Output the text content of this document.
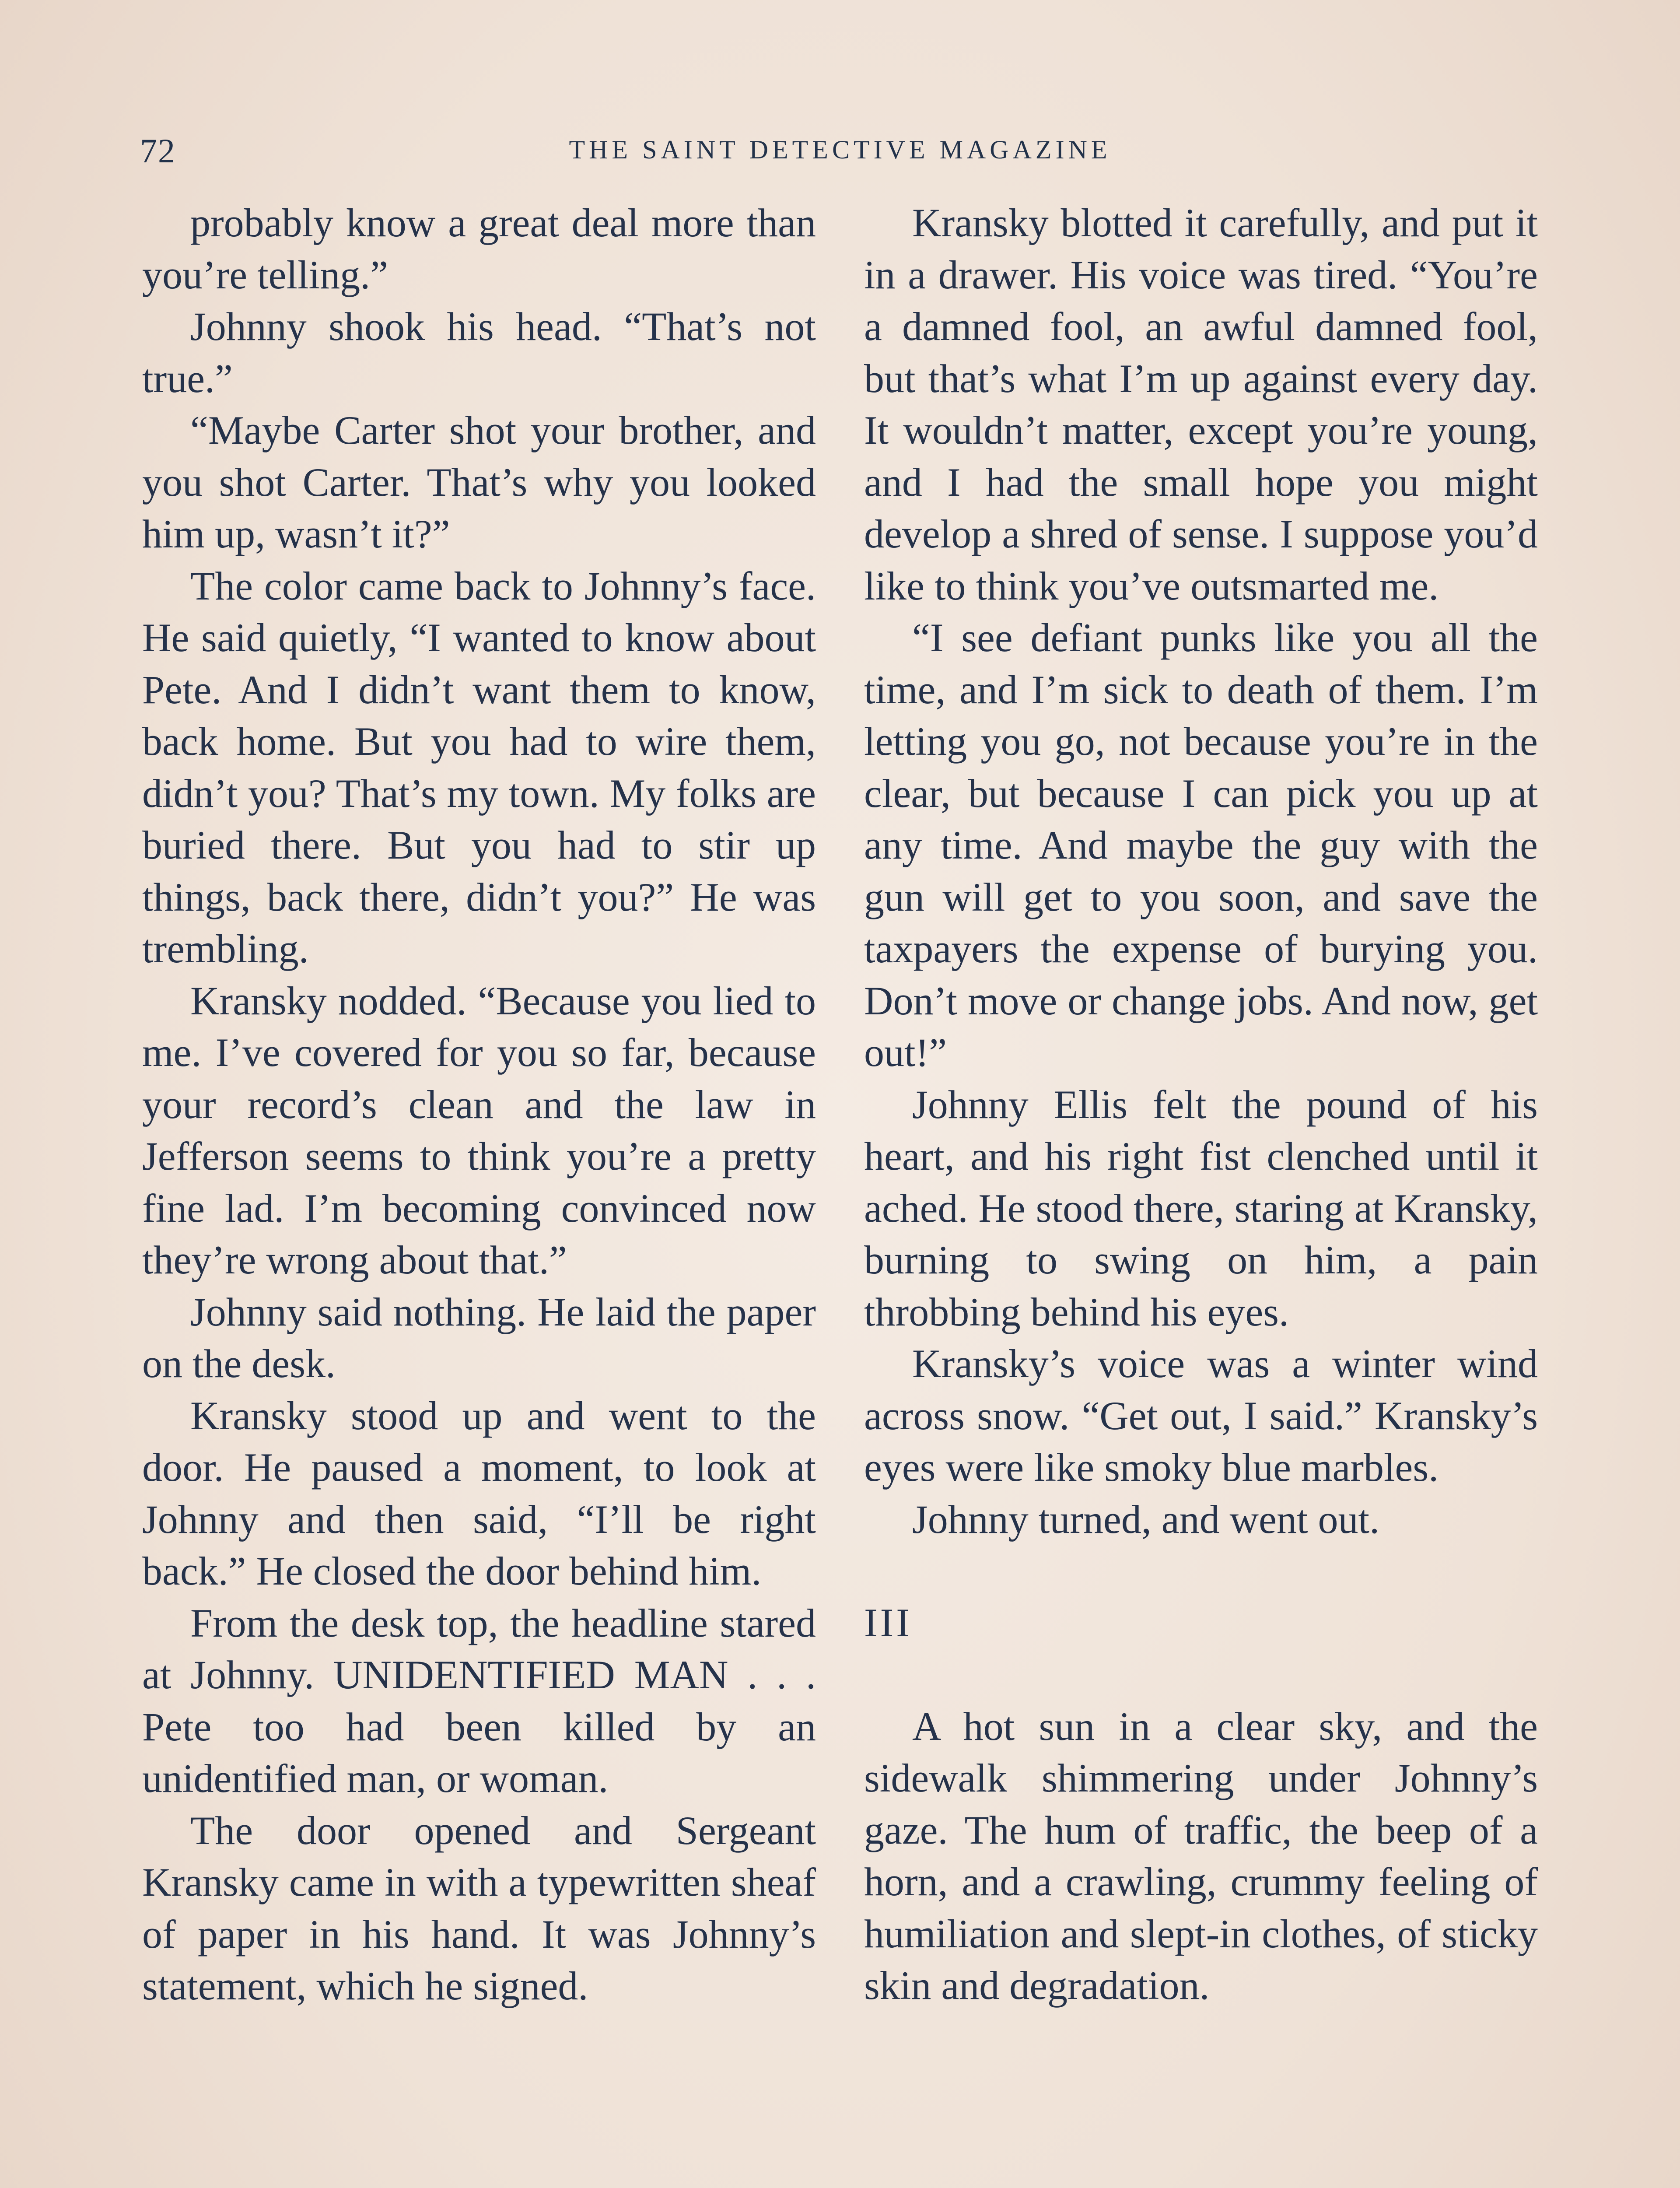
72	THE SAINT DETECTIVE MAGAZINE

probably know a great deal more than you’re telling.”

Johnny shook his head. “That’s not true.”

“Maybe Carter shot your brother, and you shot Carter. That’s why you looked him up, wasn’t it?”

The color came back to Johnny’s face. He said quietly, “I wanted to know about Pete. And I didn’t want them to know, back home. But you had to wire them, didn’t you? That’s my town. My folks are buried there. But you had to stir up things, back there, didn’t you?” He was trembling.

Kransky nodded. “Because you lied to me. I’ve covered for you so far, because your record’s clean and the law in Jefferson seems to think you’re a pretty fine lad. I’m becoming convinced now they’re wrong about that.”

Johnny said nothing. He laid the paper on the desk.

Kransky stood up and went to the door. He paused a moment, to look at Johnny and then said, “I’ll be right back.” He closed the door behind him.

From the desk top, the headline stared at Johnny. UNIDENTIFIED MAN . . . Pete too had been killed by an unidentified man, or woman.

The door opened and Sergeant Kransky came in with a typewritten sheaf of paper in his hand. It was Johnny’s statement, which he signed.

Kransky blotted it carefully, and put it in a drawer. His voice was tired. “You’re a damned fool, an awful damned fool, but that’s what I’m up against every day. It wouldn’t matter, except you’re young, and I had the small hope you might develop a shred of sense. I suppose you’d like to think you’ve outsmarted me.

“I see defiant punks like you all the time, and I’m sick to death of them. I’m letting you go, not because you’re in the clear, but because I can pick you up at any time. And maybe the guy with the gun will get to you soon, and save the taxpayers the expense of burying you. Don’t move or change jobs. And now, get out!”

Johnny Ellis felt the pound of his heart, and his right fist clenched until it ached. He stood there, staring at Kransky, burning to swing on him, a pain throbbing behind his eyes.

Kransky’s voice was a winter wind across snow. “Get out, I said.” Kransky’s eyes were like smoky blue marbles.

Johnny turned, and went out.

III

A hot sun in a clear sky, and the sidewalk shimmering under Johnny’s gaze. The hum of traffic, the beep of a horn, and a crawling, crummy feeling of humiliation and slept-in clothes, of sticky skin and degradation.
